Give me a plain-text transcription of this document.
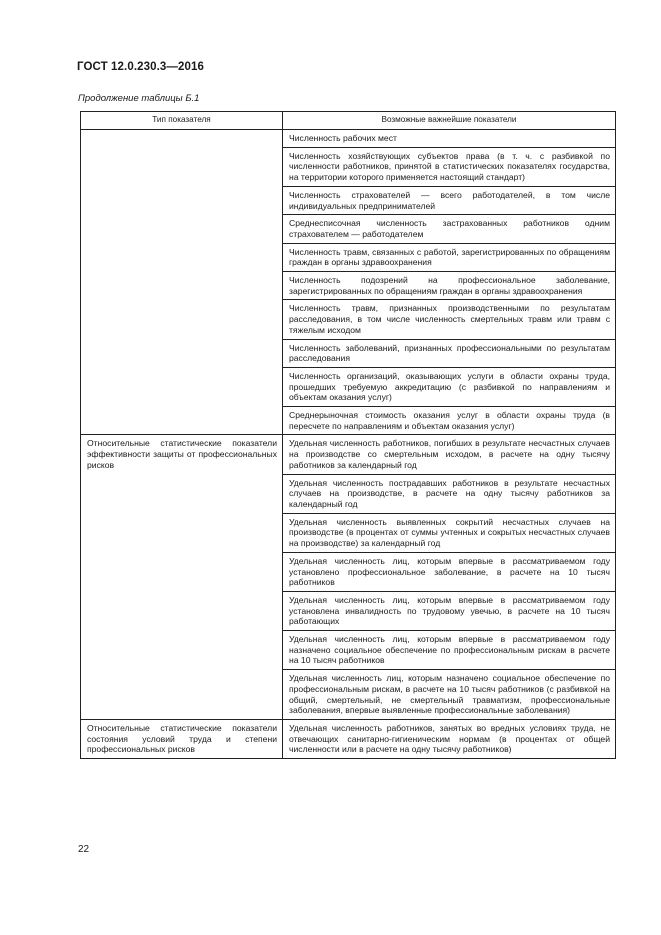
ГОСТ 12.0.230.3—2016
Продолжение таблицы Б.1
Тип показателя	Возможные важнейшие показатели
	Численность рабочих мест
	Численность хозяйствующих субъектов права (в т. ч. с разбивкой по численности работников, принятой в статистических показателях государства, на территории которого применяется настоящий стандарт)
	Численность страхователей — всего работодателей, в том числе индивидуальных предпринимателей
	Среднесписочная численность застрахованных работников одним страхователем — работодателем
	Численность травм, связанных с работой, зарегистрированных по обращениям граждан в органы здравоохранения
	Численность подозрений на профессиональное заболевание, зарегистрированных по обращениям граждан в органы здравоохранения
	Численность травм, признанных производственными по результатам расследования, в том числе численность смертельных травм или травм с тяжелым исходом
	Численность заболеваний, признанных профессиональными по результатам расследования
	Численность организаций, оказывающих услуги в области охраны труда, прошедших требуемую аккредитацию (с разбивкой по направлениям и объектам оказания услуг)
	Среднерыночная стоимость оказания услуг в области охраны труда (в пересчете по направлениям и объектам оказания услуг)
Относительные статистические показатели эффективности защиты от профессиональных рисков	Удельная численность работников, погибших в результате несчастных случаев на производстве со смертельным исходом, в расчете на одну тысячу работников за календарный год
	Удельная численность пострадавших работников в результате несчастных случаев на производстве, в расчете на одну тысячу работников за календарный год
	Удельная численность выявленных сокрытий несчастных случаев на производстве (в процентах от суммы учтенных и сокрытых несчастных случаев на производстве) за календарный год
	Удельная численность лиц, которым впервые в рассматриваемом году установлено профессиональное заболевание, в расчете на 10 тысяч работников
	Удельная численность лиц, которым впервые в рассматриваемом году установлена инвалидность по трудовому увечью, в расчете на 10 тысяч работающих
	Удельная численность лиц, которым впервые в рассматриваемом году назначено социальное обеспечение по профессиональным рискам в расчете на 10 тысяч работников
	Удельная численность лиц, которым назначено социальное обеспечение по профессиональным рискам, в расчете на 10 тысяч работников (с разбивкой на общий, смертельный, не смертельный травматизм, профессиональные заболевания, впервые выявленные профессиональные заболевания)
Относительные статистические показатели состояния условий труда и степени профессиональных рисков	Удельная численность работников, занятых во вредных условиях труда, не отвечающих санитарно-гигиеническим нормам (в процентах от общей численности или в расчете на одну тысячу работников)
22
